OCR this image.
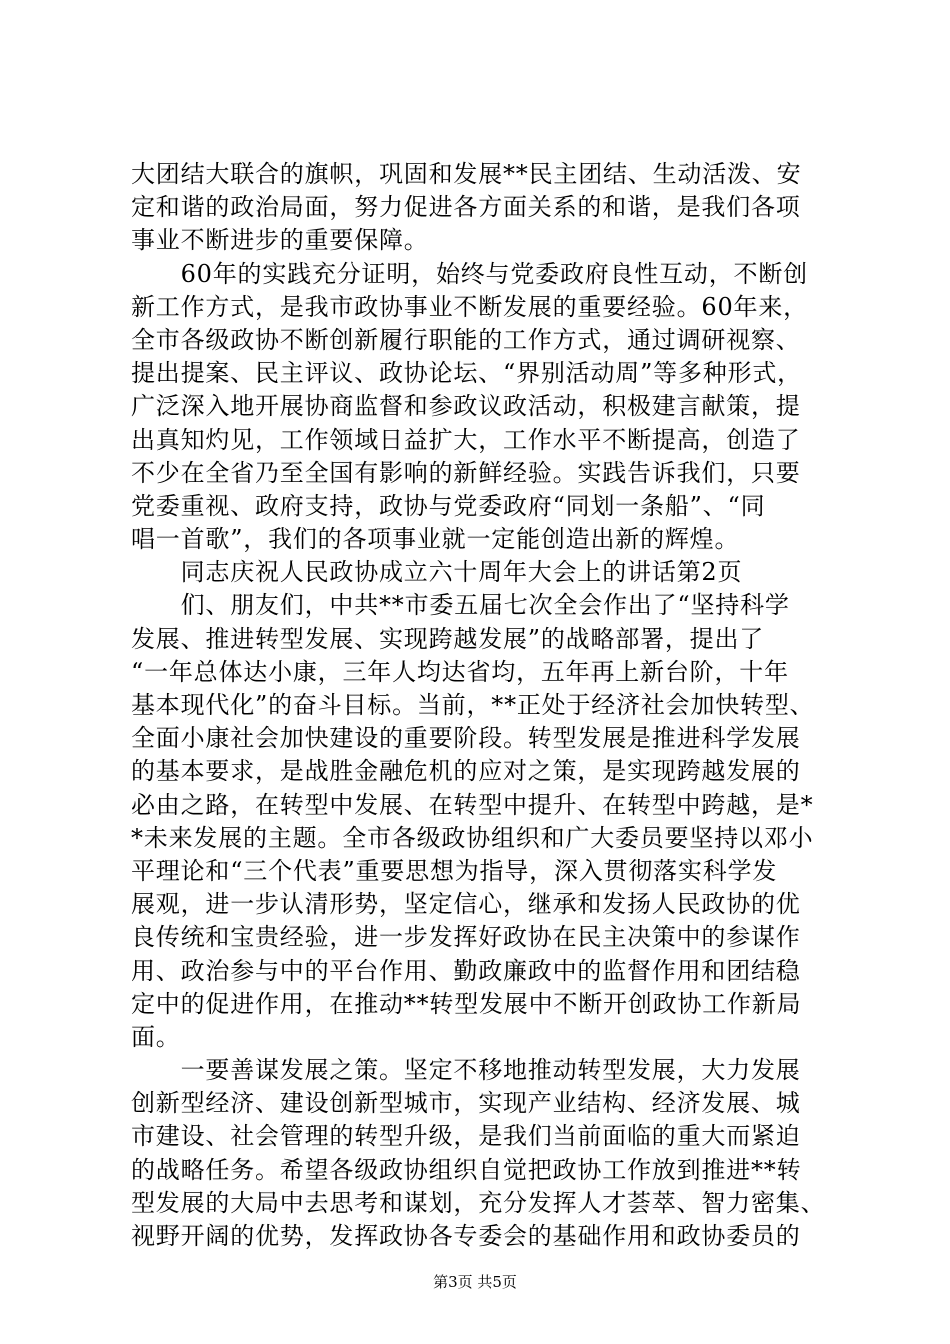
大团结大联合的旗帜，巩固和发展**民主团结、生动活泼、安
定和谐的政治局面，努力促进各方面关系的和谐，是我们各项
事业不断进步的重要保障。
　　60年的实践充分证明，始终与党委政府良性互动，不断创
新工作方式，是我市政协事业不断发展的重要经验。60年来，
全市各级政协不断创新履行职能的工作方式，通过调研视察、
提出提案、民主评议、政协论坛、“界别活动周”等多种形式，
广泛深入地开展协商监督和参政议政活动，积极建言献策，提
出真知灼见，工作领域日益扩大，工作水平不断提高，创造了
不少在全省乃至全国有影响的新鲜经验。实践告诉我们，只要
党委重视、政府支持，政协与党委政府“同划一条船”、“同
唱一首歌”，我们的各项事业就一定能创造出新的辉煌。
　　同志庆祝人民政协成立六十周年大会上的讲话第2页
　　们、朋友们，中共**市委五届七次全会作出了“坚持科学
发展、推进转型发展、实现跨越发展”的战略部署，提出了
“一年总体达小康，三年人均达省均，五年再上新台阶，十年
基本现代化”的奋斗目标。当前，**正处于经济社会加快转型、
全面小康社会加快建设的重要阶段。转型发展是推进科学发展
的基本要求，是战胜金融危机的应对之策，是实现跨越发展的
必由之路，在转型中发展、在转型中提升、在转型中跨越，是*
*未来发展的主题。全市各级政协组织和广大委员要坚持以邓小
平理论和“三个代表”重要思想为指导，深入贯彻落实科学发
展观，进一步认清形势，坚定信心，继承和发扬人民政协的优
良传统和宝贵经验，进一步发挥好政协在民主决策中的参谋作
用、政治参与中的平台作用、勤政廉政中的监督作用和团结稳
定中的促进作用，在推动**转型发展中不断开创政协工作新局
面。
　　一要善谋发展之策。坚定不移地推动转型发展，大力发展
创新型经济、建设创新型城市，实现产业结构、经济发展、城
市建设、社会管理的转型升级，是我们当前面临的重大而紧迫
的战略任务。希望各级政协组织自觉把政协工作放到推进**转
型发展的大局中去思考和谋划，充分发挥人才荟萃、智力密集、
视野开阔的优势，发挥政协各专委会的基础作用和政协委员的
第3页 共5页
